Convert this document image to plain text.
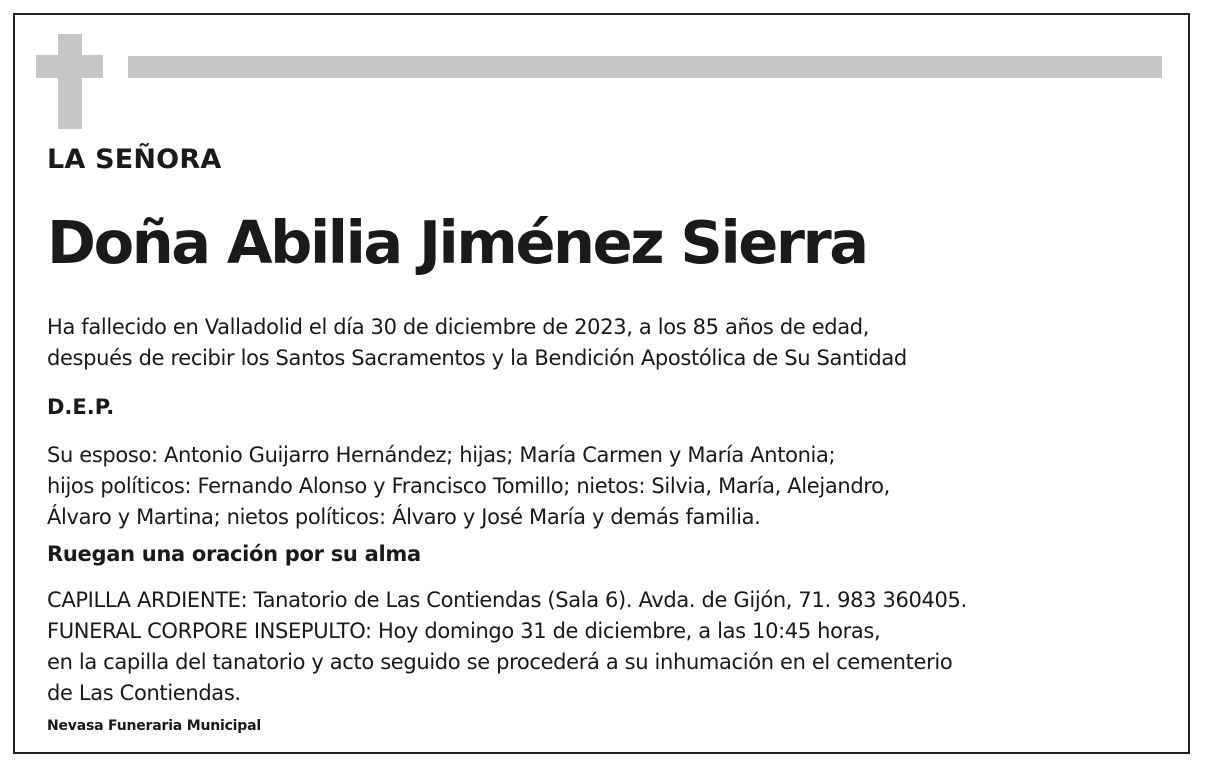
LA SEÑORA
Doña Abilia Jiménez Sierra
Ha fallecido en Valladolid el día 30 de diciembre de 2023, a los 85 años de edad,
después de recibir los Santos Sacramentos y la Bendición Apostólica de Su Santidad
D.E.P.
Su esposo: Antonio Guijarro Hernández; hijas; María Carmen y María Antonia;
hijos políticos: Fernando Alonso y Francisco Tomillo; nietos: Silvia, María, Alejandro,
Álvaro y Martina; nietos políticos: Álvaro y José María y demás familia.
Ruegan una oración por su alma
CAPILLA ARDIENTE: Tanatorio de Las Contiendas (Sala 6). Avda. de Gijón, 71. 983 360405.
FUNERAL CORPORE INSEPULTO: Hoy domingo 31 de diciembre, a las 10:45 horas,
en la capilla del tanatorio y acto seguido se procederá a su inhumación en el cementerio
de Las Contiendas.
Nevasa Funeraria Municipal
